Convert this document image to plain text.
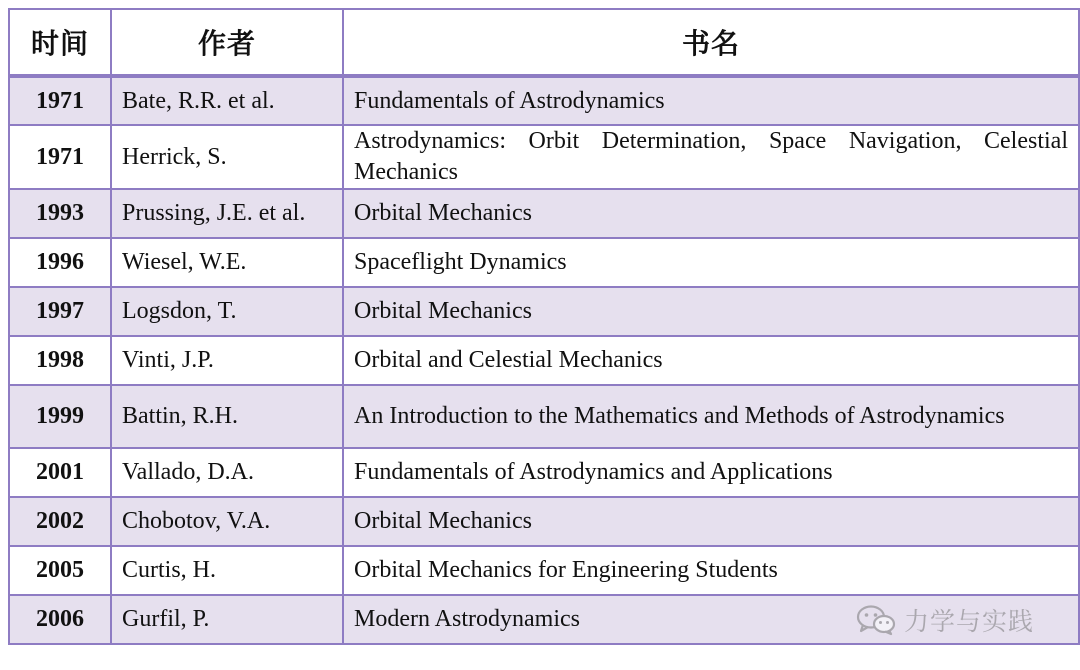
时间	作者	书名
1971	Bate, R.R. et al.	Fundamentals of Astrodynamics
1971	Herrick, S.	Astrodynamics: Orbit Determination, Space Navigation, Celestial Mechanics
1993	Prussing, J.E. et al.	Orbital Mechanics
1996	Wiesel, W.E.	Spaceflight Dynamics
1997	Logsdon, T.	Orbital Mechanics
1998	Vinti, J.P.	Orbital and Celestial Mechanics
1999	Battin, R.H.	An Introduction to the Mathematics and Methods of Astrodynamics
2001	Vallado, D.A.	Fundamentals of Astrodynamics and Applications
2002	Chobotov, V.A.	Orbital Mechanics
2005	Curtis, H.	Orbital Mechanics for Engineering Students
2006	Gurfil, P.	Modern Astrodynamics	力学与实践
